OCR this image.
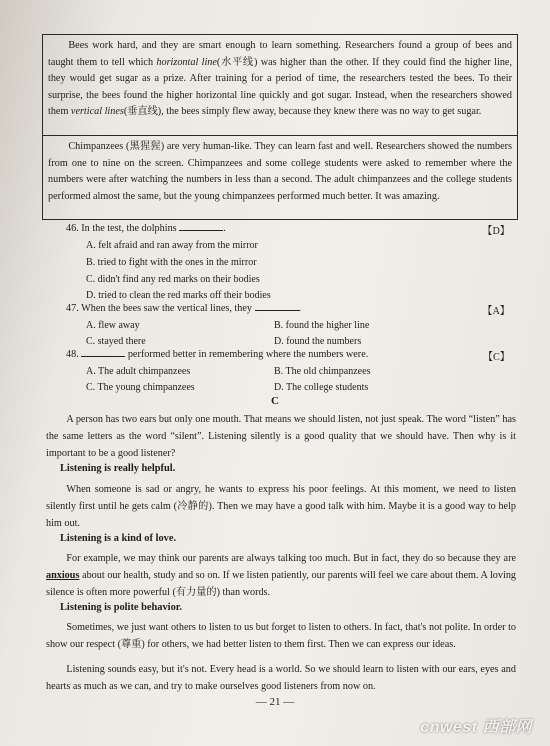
  Bees work hard, and they are smart enough to learn something. Researchers found a group of bees and taught them to tell which horizontal line(水平线) was higher than the other. If they could find the higher line, they would get sugar as a prize. After training for a period of time, the researchers tested the bees. To their surprise, the bees found the higher horizontal line quickly and got sugar. Instead, when the researchers showed them vertical lines(垂直线), the bees simply flew away, because they knew there was no way to get sugar.

  Chimpanzees (黑猩猩) are very human-like. They can learn fast and well. Researchers showed the numbers from one to nine on the screen. Chimpanzees and some college students were asked to remember where the numbers were after watching the numbers in less than a second. The adult chimpanzees and the college students performed almost the same, but the young chimpanzees performed much better. It was amazing.

46. In the test, the dolphins	.	【D】
A. felt afraid and ran away from the mirror
B. tried to fight with the ones in the mirror
C. didn't find any red marks on their bodies
D. tried to clean the red marks off their bodies
47. When the bees saw the vertical lines, they	.	【A】
A. flew away	B. found the higher line
C. stayed there	D. found the numbers
48.	performed better in remembering where the numbers were.	【C】
A. The adult chimpanzees	B. The old chimpanzees
C. The young chimpanzees	D. The college students
C

  A person has two ears but only one mouth. That means we should listen, not just speak. The word “listen” has the same letters as the word “silent”. Listening silently is a good quality that we should have. Then why is it important to be a good listener?

Listening is really helpful.

  When someone is sad or angry, he wants to express his poor feelings. At this moment, we need to listen silently first until he gets calm (冷静的). Then we may have a good talk with him. Maybe it is a good way to help him out.

Listening is a kind of love.

  For example, we may think our parents are always talking too much. But in fact, they do so because they are anxious about our health, study and so on. If we listen patiently, our parents will feel we care about them. A loving silence is often more powerful (有力量的) than words.

Listening is polite behavior.

  Sometimes, we just want others to listen to us but forget to listen to others. In fact, that's not polite. In order to show our respect (尊重) for others, we had better listen to them first. Then we can express our ideas.

  Listening sounds easy, but it's not. Every head is a world. So we should learn to listen with our ears, eyes and hearts as much as we can, and try to make ourselves good listeners from now on.

— 21 —
cnwest 西部网
